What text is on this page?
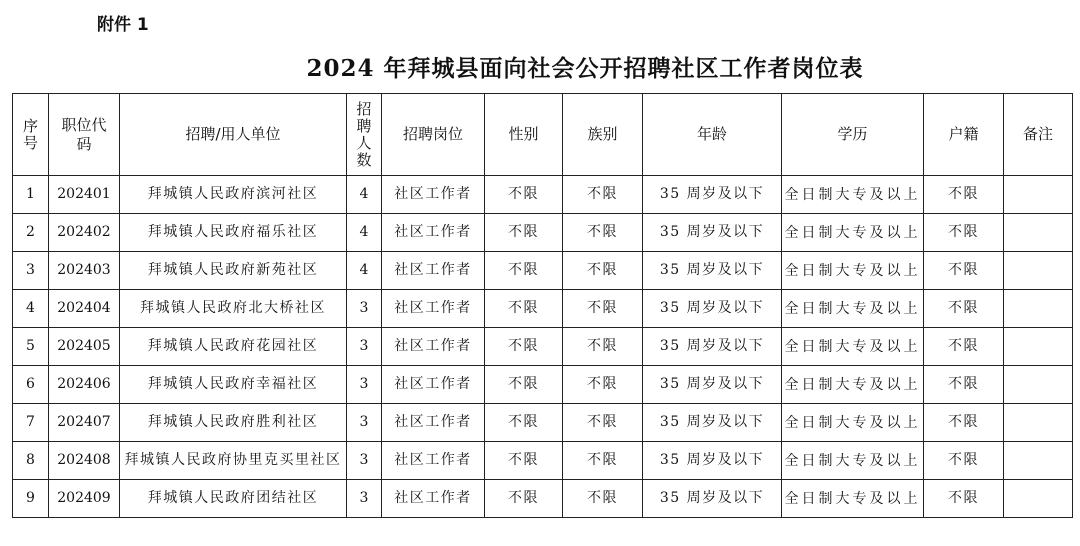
附件 1
2024 年拜城县面向社会公开招聘社区工作者岗位表
序号	职位代码	招聘/用人单位	招聘人数	招聘岗位	性别	族别	年龄	学历	户籍	备注
1	202401	拜城镇人民政府滨河社区	4	社区工作者	不限	不限	35 周岁及以下	全日制大专及以上	不限	
2	202402	拜城镇人民政府福乐社区	4	社区工作者	不限	不限	35 周岁及以下	全日制大专及以上	不限	
3	202403	拜城镇人民政府新苑社区	4	社区工作者	不限	不限	35 周岁及以下	全日制大专及以上	不限	
4	202404	拜城镇人民政府北大桥社区	3	社区工作者	不限	不限	35 周岁及以下	全日制大专及以上	不限	
5	202405	拜城镇人民政府花园社区	3	社区工作者	不限	不限	35 周岁及以下	全日制大专及以上	不限	
6	202406	拜城镇人民政府幸福社区	3	社区工作者	不限	不限	35 周岁及以下	全日制大专及以上	不限	
7	202407	拜城镇人民政府胜利社区	3	社区工作者	不限	不限	35 周岁及以下	全日制大专及以上	不限	
8	202408	拜城镇人民政府协里克买里社区	3	社区工作者	不限	不限	35 周岁及以下	全日制大专及以上	不限	
9	202409	拜城镇人民政府团结社区	3	社区工作者	不限	不限	35 周岁及以下	全日制大专及以上	不限	
